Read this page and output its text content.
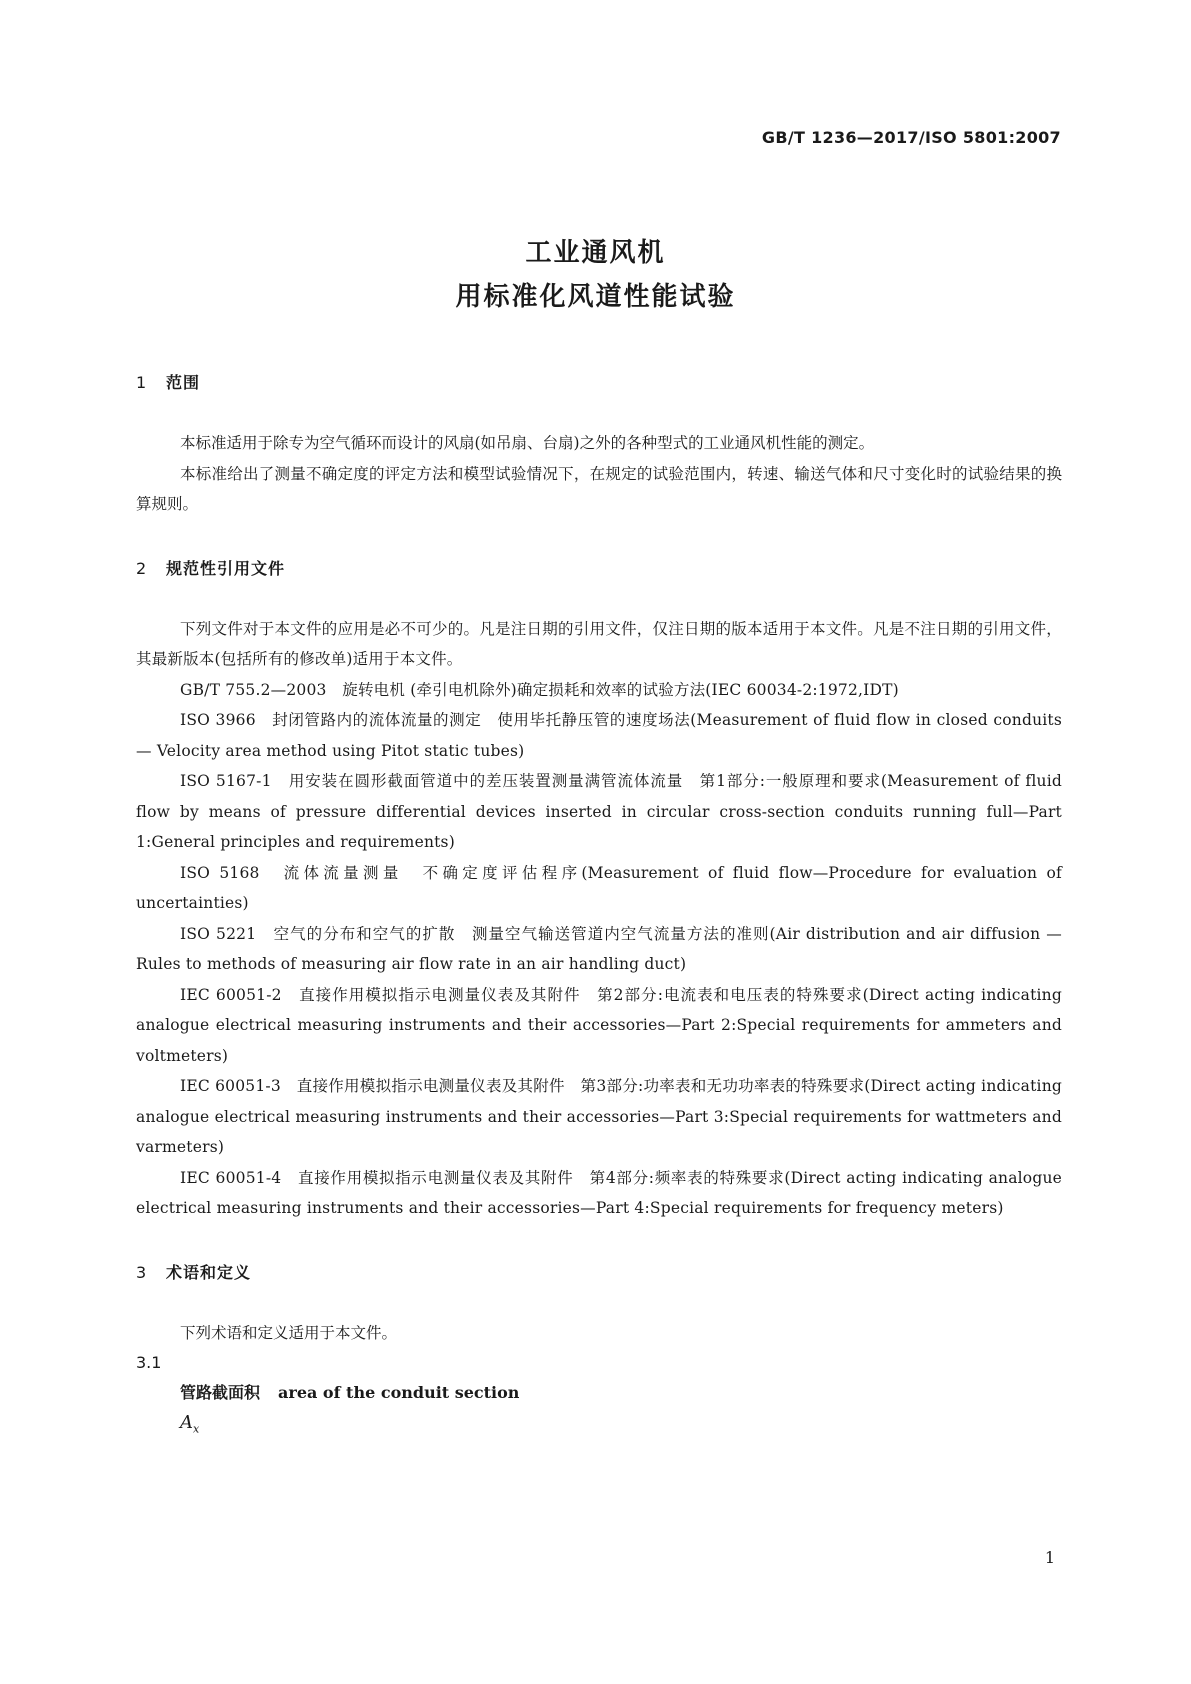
GB/T 1236—2017/ISO 5801:2007
工业通风机
用标准化风道性能试验
1 范围

本标准适用于除专为空气循环而设计的风扇(如吊扇、台扇)之外的各种型式的工业通风机性能的测定。

本标准给出了测量不确定度的评定方法和模型试验情况下，在规定的试验范围内，转速、输送气体和尺寸变化时的试验结果的换算规则。

2 规范性引用文件

下列文件对于本文件的应用是必不可少的。凡是注日期的引用文件，仅注日期的版本适用于本文件。凡是不注日期的引用文件，其最新版本(包括所有的修改单)适用于本文件。

GB/T 755.2—2003　旋转电机 (牵引电机除外)确定损耗和效率的试验方法(IEC 60034-2:1972,IDT)

ISO 3966　封闭管路内的流体流量的测定　使用毕托静压管的速度场法(Measurement of fluid flow in closed conduits — Velocity area method using Pitot static tubes)

ISO 5167-1　用安装在圆形截面管道中的差压装置测量满管流体流量　第1部分:一般原理和要求(Measurement of fluid flow by means of pressure differential devices inserted in circular cross-section conduits running full—Part 1:General principles and requirements)

ISO 5168　流体流量测量　不确定度评估程序(Measurement of fluid flow—Procedure for evaluation of uncertainties)

ISO 5221　空气的分布和空气的扩散　测量空气输送管道内空气流量方法的准则(Air distribution and air diffusion — Rules to methods of measuring air flow rate in an air handling duct)

IEC 60051-2　直接作用模拟指示电测量仪表及其附件　第2部分:电流表和电压表的特殊要求(Direct acting indicating analogue electrical measuring instruments and their accessories—Part 2:Special requirements for ammeters and voltmeters)

IEC 60051-3　直接作用模拟指示电测量仪表及其附件　第3部分:功率表和无功功率表的特殊要求(Direct acting indicating analogue electrical measuring instruments and their accessories—Part 3:Special requirements for wattmeters and varmeters)

IEC 60051-4　直接作用模拟指示电测量仪表及其附件　第4部分:频率表的特殊要求(Direct acting indicating analogue electrical measuring instruments and their accessories—Part 4:Special requirements for frequency meters)

3 术语和定义

下列术语和定义适用于本文件。

3.1

管路截面积 area of the conduit section

$A_x$

1
